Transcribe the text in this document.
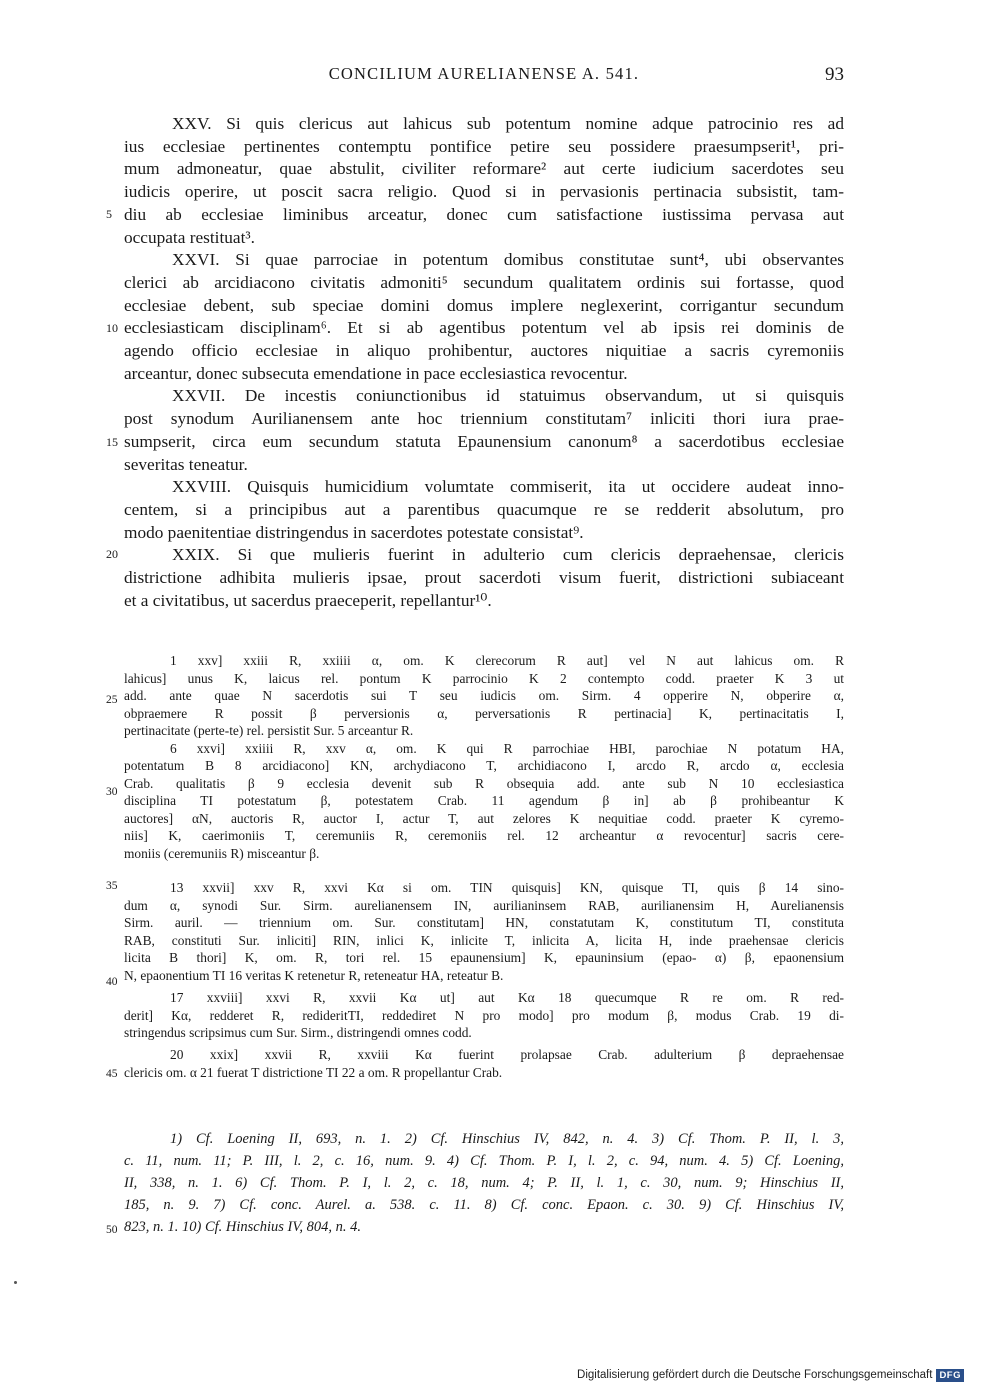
CONCILIUM AURELIANENSE A. 541.	93
XXV. Si quis clericus aut lahicus sub potentum nomine adque patrocinio res ad
ius ecclesiae pertinentes contemptu pontifice petire seu possidere praesumpserit¹, pri-
mum admoneatur, quae abstulit, civiliter reformare² aut certe iudicium sacerdotes seu
iudicis operire, ut poscit sacra religio. Quod si in pervasionis pertinacia subsistit, tam-
diu ab ecclesiae liminibus arceatur, donec cum satisfactione iustissima pervasa aut
occupata restituat³.
XXVI. Si quae parrociae in potentum domibus constitutae sunt⁴, ubi observantes
clerici ab arcidiacono civitatis admoniti⁵ secundum qualitatem ordinis sui fortasse, quod
ecclesiae debent, sub speciae domini domus implere neglexerint, corrigantur secundum
ecclesiasticam disciplinam⁶. Et si ab agentibus potentum vel ab ipsis rei dominis de
agendo officio ecclesiae in aliquo prohibentur, auctores niquitiae a sacris cyremoniis
arceantur, donec subsecuta emendatione in pace ecclesiastica revocentur.
XXVII. De incestis coniunctionibus id statuimus observandum, ut si quisquis
post synodum Aurilianensem ante hoc triennium constitutam⁷ inliciti thori iura prae-
sumpserit, circa eum secundum statuta Epaunensium canonum⁸ a sacerdotibus ecclesiae
severitas teneatur.
XXVIII. Quisquis humicidium volumtate commiserit, ita ut occidere audeat inno-
centem, si a principibus aut a parentibus quacumque re se redderit absolutum, pro
modo paenitentiae distringendus in sacerdotes potestate consistat⁹.
XXIX. Si que mulieris fuerint in adulterio cum clericis depraehensae, clericis
districtione adhibita mulieris ipsae, prout sacerdoti visum fuerit, districtioni subiaceant
et a civitatibus, ut sacerdus praeceperit, repellantur¹⁰.
5
10
15
20
1 xxv] xxiii R, xxiiii α, om. K clerecorum R aut] vel N aut lahicus om. R
lahicus] unus K, laicus rel. pontum K parrocinio K 2 contempto codd. praeter K 3 ut
add. ante quae N sacerdotis sui T seu iudicis om. Sirm. 4 opperire N, obperire α,
obpraemere R possit β perversionis α, perversationis R pertinacia] K, pertinacitatis I,
pertinacitate (perte-te) rel. persistit Sur. 5 arceantur R.
6 xxvi] xxiiii R, xxv α, om. K qui R parrochiae HBI, parochiae N potatum HA,
potentatum B 8 arcidiacono] KN, archydiacono T, archidiacono I, arcdo R, arcdo α, ecclesia
Crab. qualitatis β 9 ecclesia devenit sub R obsequia add. ante sub N 10 ecclesiastica
disciplina TI potestatum β, potestatem Crab. 11 agendum β in] ab β prohibeantur K
auctores] αN, auctoris R, auctor I, actur T, aut zelores K nequitiae codd. praeter K cyremo-
niis] K, caerimoniis T, ceremuniis R, ceremoniis rel. 12 archeantur α revocentur] sacris cere-
moniis (ceremuniis R) misceantur β.
13 xxvii] xxv R, xxvi Kα si om. TIN quisquis] KN, quisque TI, quis β 14 sino-
dum α, synodi Sur. Sirm. aurelianensem IN, aurilianinsem RAB, aurilianensim H, Aurelianensis
Sirm. auril. — triennium om. Sur. constitutam] HN, constatutam K, constitutum TI, constituta
RAB, constituti Sur. inliciti] RIN, inlici K, inlicite T, inlicita A, licita H, inde praehensae clericis
licita B thori] K, om. R, tori rel. 15 epaunensium] K, epauninsium (epao- α) β, epaonensium
N, epaonentium TI 16 veritas K retenetur R, reteneatur HA, reteatur B.
17 xxviii] xxvi R, xxvii Kα ut] aut Kα 18 quecumque R re om. R red-
derit] Kα, redderet R, redideritTI, reddediret N pro modo] pro modum β, modus Crab. 19 di-
stringendus scripsimus cum Sur. Sirm., distringendi omnes codd.
20 xxix] xxvii R, xxviii Kα fuerint prolapsae Crab. adulterium β depraehensae
clericis om. α 21 fuerat T districtione TI 22 a om. R propellantur Crab.
25
30
35
40
45
1) Cf. Loening II, 693, n. 1. 2) Cf. Hinschius IV, 842, n. 4. 3) Cf. Thom. P. II, l. 3,
c. 11, num. 11; P. III, l. 2, c. 16, num. 9. 4) Cf. Thom. P. I, l. 2, c. 94, num. 4. 5) Cf. Loening,
II, 338, n. 1. 6) Cf. Thom. P. I, l. 2, c. 18, num. 4; P. II, l. 1, c. 30, num. 9; Hinschius II,
185, n. 9. 7) Cf. conc. Aurel. a. 538. c. 11. 8) Cf. conc. Epaon. c. 30. 9) Cf. Hinschius IV,
823, n. 1. 10) Cf. Hinschius IV, 804, n. 4.
50
Digitalisierung gefördert durch die Deutsche Forschungsgemeinschaft DFG
